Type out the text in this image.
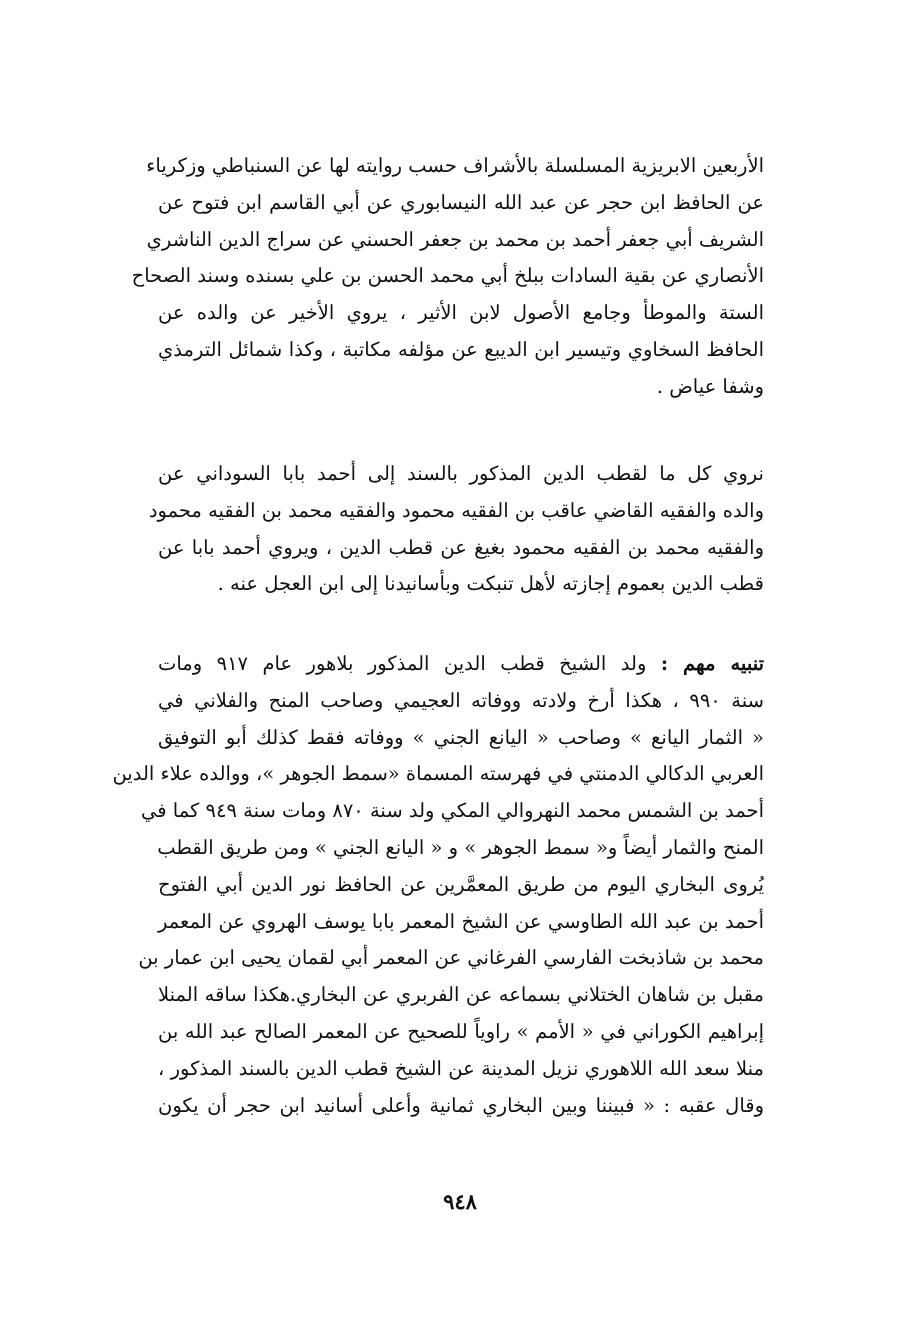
الأربعين الابريزية المسلسلة بالأشراف حسب روايته لها عن السنباطي وزكرياء
عن الحافظ ابن حجر عن عبد الله النيسابوري عن أبي القاسم ابن فتوح عن
الشريف أبي جعفر أحمد بن محمد بن جعفر الحسني عن سراج الدين الناشري
الأنصاري عن بقية السادات ببلخ أبي محمد الحسن بن علي بسنده وسند الصحاح
الستة والموطأ وجامع الأصول لابن الأثير ، يروي الأخير عن والده عن
الحافظ السخاوي وتيسير ابن الديبع عن مؤلفه مكاتبة ، وكذا شمائل الترمذي
وشفا عياض .
نروي كل ما لقطب الدين المذكور بالسند إلى أحمد بابا السوداني عن
والده والفقيه القاضي عاقب بن الفقيه محمود والفقيه محمد بن الفقيه محمود
والفقيه محمد بن الفقيه محمود بغيغ عن قطب الدين ، ويروي أحمد بابا عن
قطب الدين بعموم إجازته لأهل تنبكت وبأسانيدنا إلى ابن العجل عنه .
تنبيه مهم : ولد الشيخ قطب الدين المذكور بلاهور عام ٩١٧ ومات
سنة ٩٩٠ ، هكذا أرخ ولادته ووفاته العجيمي وصاحب المنح والفلاني في
« الثمار اليانع » وصاحب « اليانع الجني » ووفاته فقط كذلك أبو التوفيق
العربي الدكالي الدمنتي في فهرسته المسماة «سمط الجوهر »، ووالده علاء الدين
أحمد بن الشمس محمد النهروالي المكي ولد سنة ٨٧٠ ومات سنة ٩٤٩ كما في
المنح والثمار أيضاً و« سمط الجوهر » و « اليانع الجني » ومن طريق القطب
يُروى البخاري اليوم من طريق المعمَّرين عن الحافظ نور الدين أبي الفتوح
أحمد بن عبد الله الطاوسي عن الشيخ المعمر بابا يوسف الهروي عن المعمر
محمد بن شاذبخت الفارسي الفرغاني عن المعمر أبي لقمان يحيى ابن عمار بن
مقبل بن شاهان الختلاني بسماعه عن الفربري عن البخاري.هكذا ساقه المنلا
إبراهيم الكوراني في « الأمم » راوياً للصحيح عن المعمر الصالح عبد الله بن
منلا سعد الله اللاهوري نزيل المدينة عن الشيخ قطب الدين بالسند المذكور ،
وقال عقبه : « فبيننا وبين البخاري ثمانية وأعلى أسانيد ابن حجر أن يكون
٩٤٨
